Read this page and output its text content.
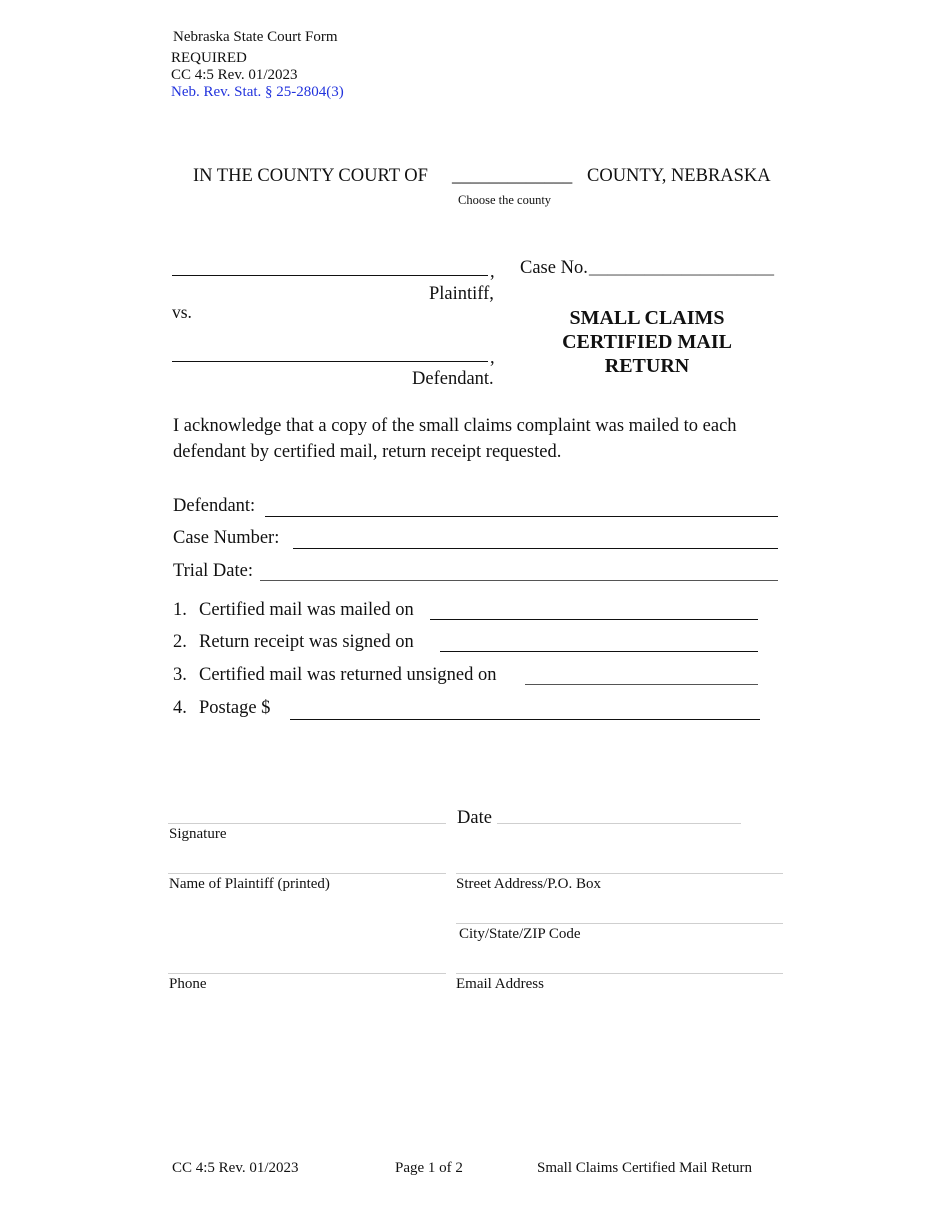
Nebraska State Court Form
REQUIRED
CC 4:5 Rev. 01/2023
Neb. Rev. Stat. § 25-2804(3)
IN THE COUNTY COURT OF _____________ COUNTY, NEBRASKA
Choose the county
,
Plaintiff,
vs.
,
Defendant.
Case No. ____________________
SMALL CLAIMS
CERTIFIED MAIL
RETURN
I acknowledge that a copy of the small claims complaint was mailed to each defendant by certified mail, return receipt requested.
Defendant:
Case Number:
Trial Date:
1. Certified mail was mailed on
2. Return receipt was signed on
3. Certified mail was returned unsigned on
4. Postage $
Signature
Date
Name of Plaintiff (printed)	Street Address/P.O. Box
City/State/ZIP Code
Phone	Email Address
CC 4:5 Rev. 01/2023	Page 1 of 2	Small Claims Certified Mail Return
